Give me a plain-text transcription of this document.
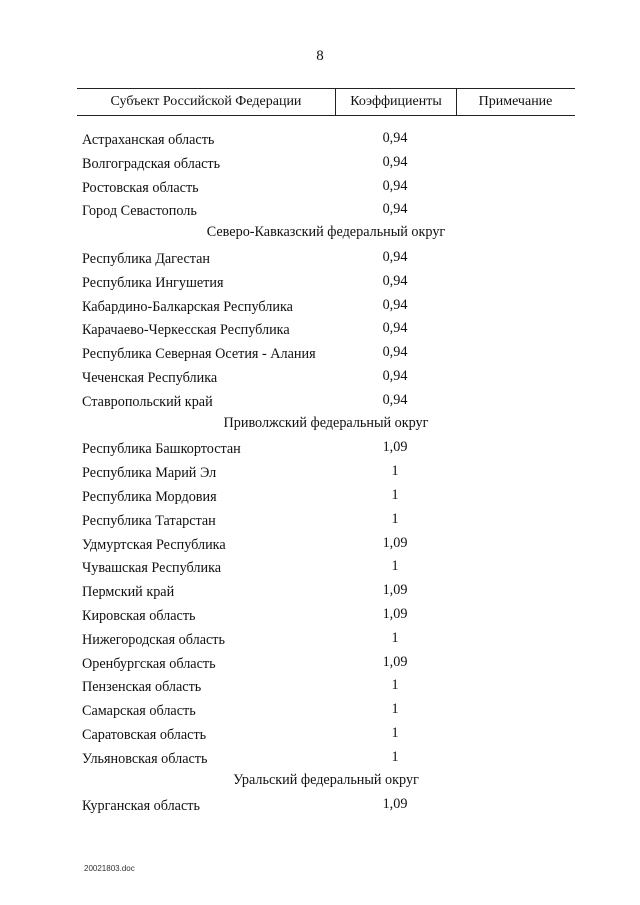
8
Субъект Российской Федерации	Коэффициенты	Примечание
Астраханская область	0,94
Волгоградская область	0,94
Ростовская область	0,94
Город Севастополь	0,94
Северо-Кавказский федеральный округ
Республика Дагестан	0,94
Республика Ингушетия	0,94
Кабардино-Балкарская Республика	0,94
Карачаево-Черкесская Республика	0,94
Республика Северная Осетия - Алания	0,94
Чеченская Республика	0,94
Ставропольский край	0,94
Приволжский федеральный округ
Республика Башкортостан	1,09
Республика Марий Эл	1
Республика Мордовия	1
Республика Татарстан	1
Удмуртская Республика	1,09
Чувашская Республика	1
Пермский край	1,09
Кировская область	1,09
Нижегородская область	1
Оренбургская область	1,09
Пензенская область	1
Самарская область	1
Саратовская область	1
Ульяновская область	1
Уральский федеральный округ
Курганская область	1,09
20021803.doc
